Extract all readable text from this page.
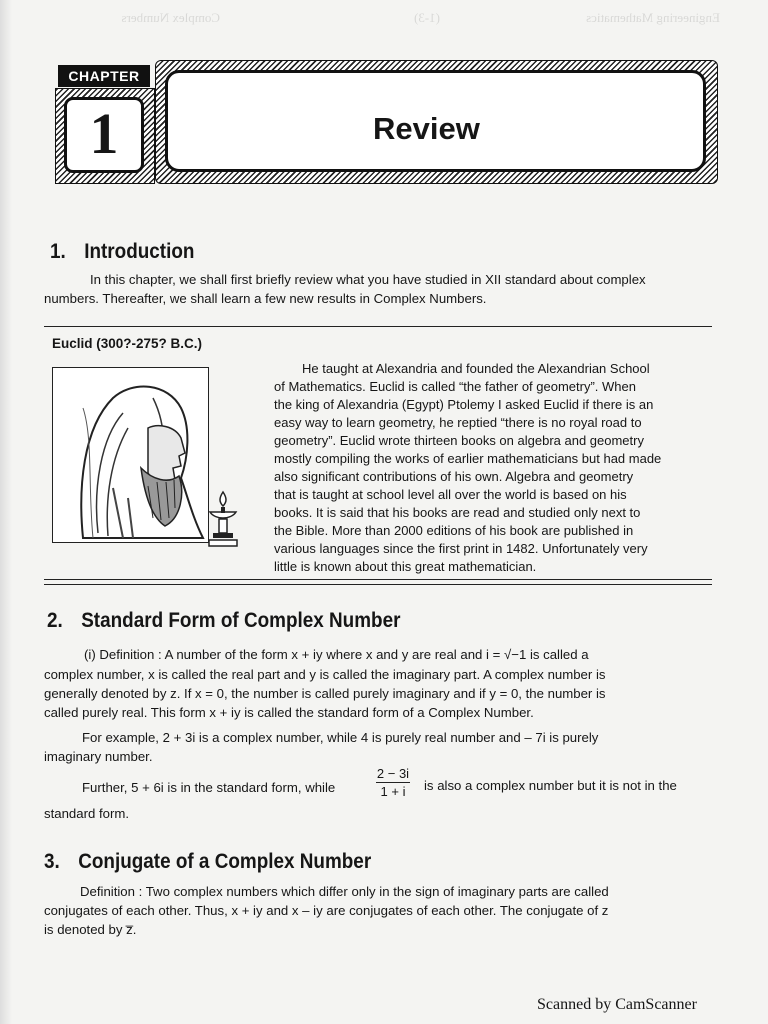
Engineering Mathematics
(1-3)
Complex Numbers
CHAPTER
1	Review
1. Introduction
In this chapter, we shall first briefly review what you have studied in XII standard about complex
numbers. Thereafter, we shall learn a few new results in Complex Numbers.
Euclid (300?-275? B.C.)
He taught at Alexandria and founded the Alexandrian School
of Mathematics. Euclid is called “the father of geometry”. When
the king of Alexandria (Egypt) Ptolemy I asked Euclid if there is an
easy way to learn geometry, he reptied “there is no royal road to
geometry”. Euclid wrote thirteen books on algebra and geometry
mostly compiling the works of earlier mathematicians but had made
also significant contributions of his own. Algebra and geometry
that is taught at school level all over the world is based on his
books. It is said that his books are read and studied only next to
the Bible. More than 2000 editions of his book are published in
various languages since the first print in 1482. Unfortunately very
little is known about this great mathematician.
2. Standard Form of Complex Number
(i) Definition : A number of the form x + iy where x and y are real and i = √−1 is called a
complex number, x is called the real part and y is called the imaginary part. A complex number is
generally denoted by z. If x = 0, the number is called purely imaginary and if y = 0, the number is
called purely real. This form x + iy is called the standard form of a Complex Number.
For example, 2 + 3i is a complex number, while 4 is purely real number and – 7i is purely
imaginary number.
Further, 5 + 6i is in the standard form, while	$\frac{2 - 3i}{1 + i}$ is also a complex number but it is not in the
standard form.
3. Conjugate of a Complex Number
Definition : Two complex numbers which differ only in the sign of imaginary parts are called
conjugates of each other. Thus, x + iy and x – iy are conjugates of each other. The conjugate of z
is denoted by z̅.
Scanned by CamScanner
